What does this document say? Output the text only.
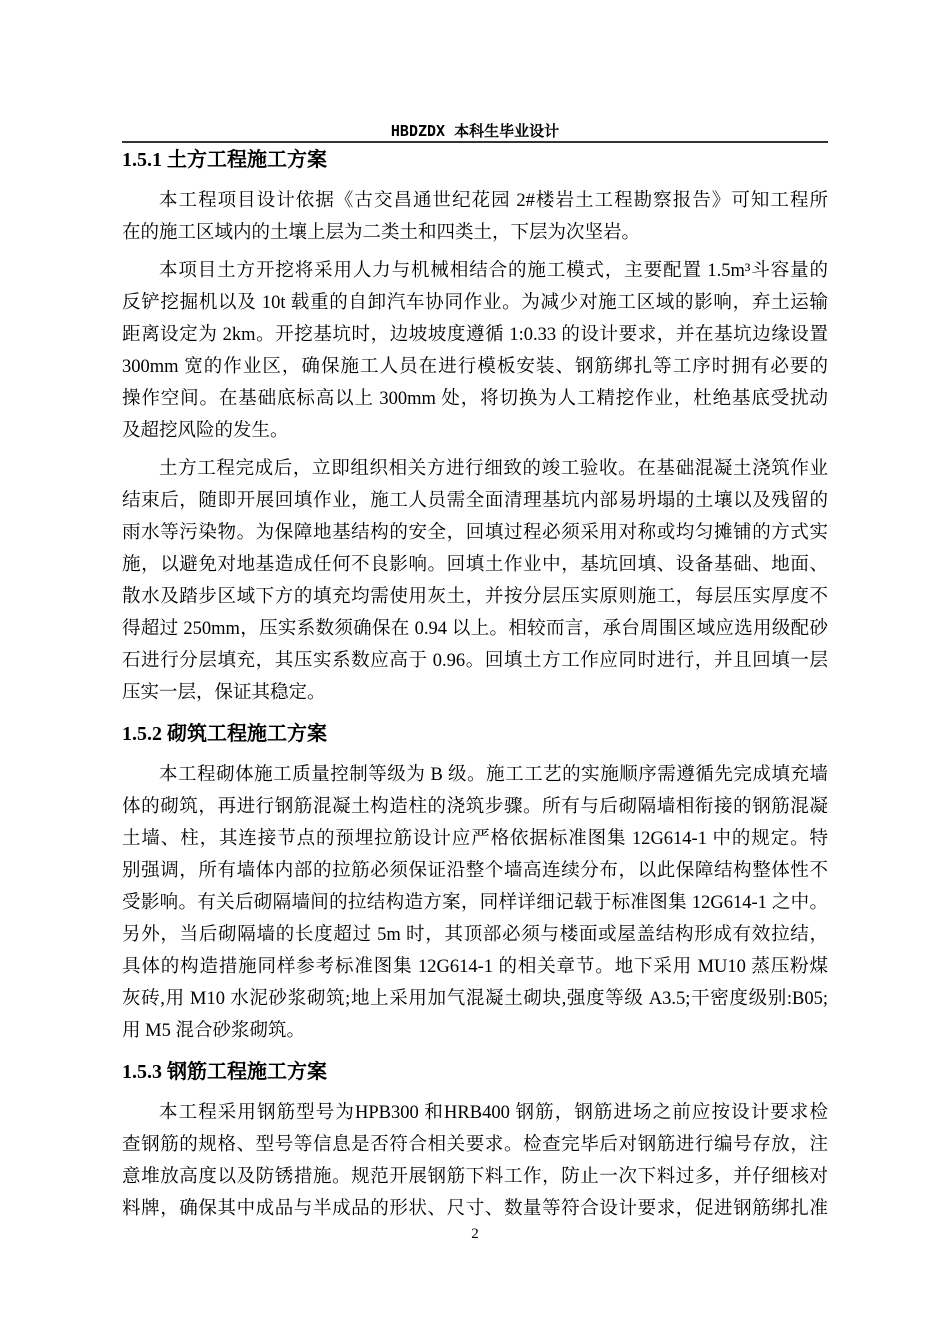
HBDZDX 本科生毕业设计
1.5.1 土方工程施工方案
本工程项目设计依据《古交昌通世纪花园 2#楼岩土工程勘察报告》可知工程所
在的施工区域内的土壤上层为二类土和四类土，下层为次坚岩。
本项目土方开挖将采用人力与机械相结合的施工模式，主要配置 1.5m³斗容量的
反铲挖掘机以及 10t 载重的自卸汽车协同作业。为减少对施工区域的影响，弃土运输
距离设定为 2km。开挖基坑时，边坡坡度遵循 1:0.33 的设计要求，并在基坑边缘设置
300mm 宽的作业区，确保施工人员在进行模板安装、钢筋绑扎等工序时拥有必要的
操作空间。在基础底标高以上 300mm 处，将切换为人工精挖作业，杜绝基底受扰动
及超挖风险的发生。
土方工程完成后，立即组织相关方进行细致的竣工验收。在基础混凝土浇筑作业
结束后，随即开展回填作业，施工人员需全面清理基坑内部易坍塌的土壤以及残留的
雨水等污染物。为保障地基结构的安全，回填过程必须采用对称或均匀摊铺的方式实
施，以避免对地基造成任何不良影响。回填土作业中，基坑回填、设备基础、地面、
散水及踏步区域下方的填充均需使用灰土，并按分层压实原则施工，每层压实厚度不
得超过 250mm，压实系数须确保在 0.94 以上。相较而言，承台周围区域应选用级配砂
石进行分层填充，其压实系数应高于 0.96。回填土方工作应同时进行，并且回填一层
压实一层，保证其稳定。
1.5.2 砌筑工程施工方案
本工程砌体施工质量控制等级为 B 级。施工工艺的实施顺序需遵循先完成填充墙
体的砌筑，再进行钢筋混凝土构造柱的浇筑步骤。所有与后砌隔墙相衔接的钢筋混凝
土墙、柱，其连接节点的预埋拉筋设计应严格依据标准图集 12G614-1 中的规定。特
别强调，所有墙体内部的拉筋必须保证沿整个墙高连续分布，以此保障结构整体性不
受影响。有关后砌隔墙间的拉结构造方案，同样详细记载于标准图集 12G614-1 之中。
另外，当后砌隔墙的长度超过 5m 时，其顶部必须与楼面或屋盖结构形成有效拉结，
具体的构造措施同样参考标准图集 12G614-1 的相关章节。地下采用 MU10 蒸压粉煤
灰砖,用 M10 水泥砂浆砌筑;地上采用加气混凝土砌块,强度等级 A3.5;干密度级别:B05;
用 M5 混合砂浆砌筑。
1.5.3 钢筋工程施工方案
本工程采用钢筋型号为HPB300 和HRB400 钢筋，钢筋进场之前应按设计要求检
查钢筋的规格、型号等信息是否符合相关要求。检查完毕后对钢筋进行编号存放，注
意堆放高度以及防锈措施。规范开展钢筋下料工作，防止一次下料过多，并仔细核对
料牌，确保其中成品与半成品的形状、尺寸、数量等符合设计要求，促进钢筋绑扎准
2
